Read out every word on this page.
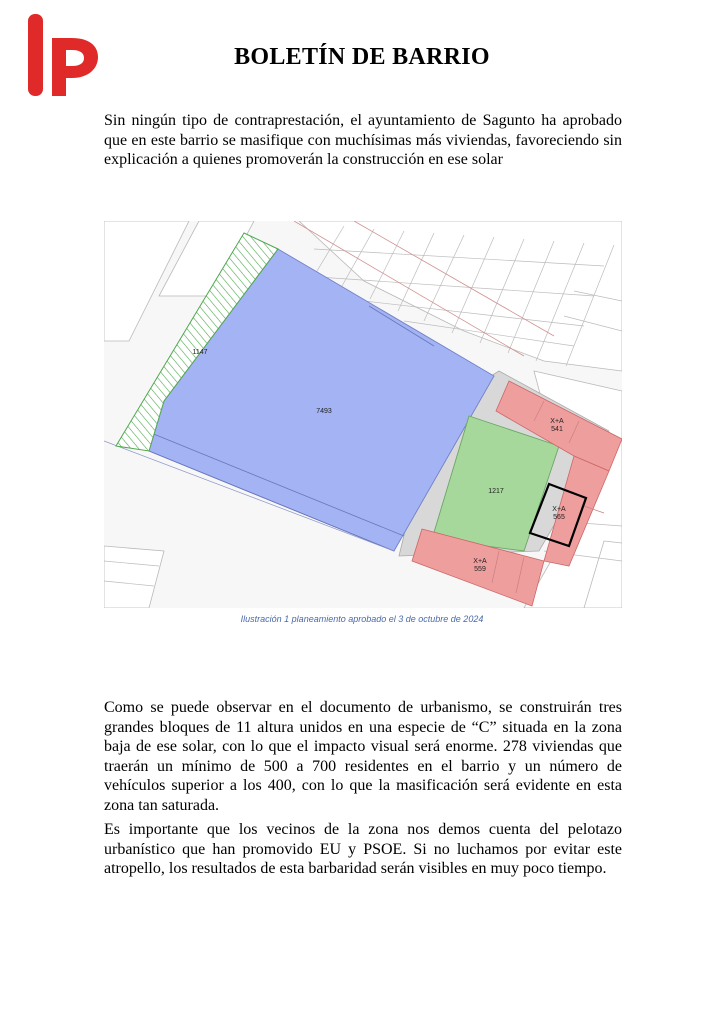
BOLETÍN DE BARRIO

Sin ningún tipo de contraprestación, el ayuntamiento de Sagunto ha aprobado que en este barrio se masifique con muchísimas más viviendas, favoreciendo sin explicación a quienes promoverán la construcción en ese solar

1147
7493
1217
X+A
541
X+A
565
X+A
559
Ilustración 1 planeamiento aprobado el 3 de octubre de 2024

Como se puede observar en el documento de urbanismo, se construirán tres grandes bloques de 11 altura unidos en una especie de “C” situada en la zona baja de ese solar, con lo que el impacto visual será enorme. 278 viviendas que traerán un mínimo de 500 a 700 residentes en el barrio y un número de vehículos superior a los 400, con lo que la masificación será evidente en esta zona tan saturada.

Es importante que los vecinos de la zona nos demos cuenta del pelotazo urbanístico que han promovido EU y PSOE. Si no luchamos por evitar este atropello, los resultados de esta barbaridad serán visibles en muy poco tiempo.
